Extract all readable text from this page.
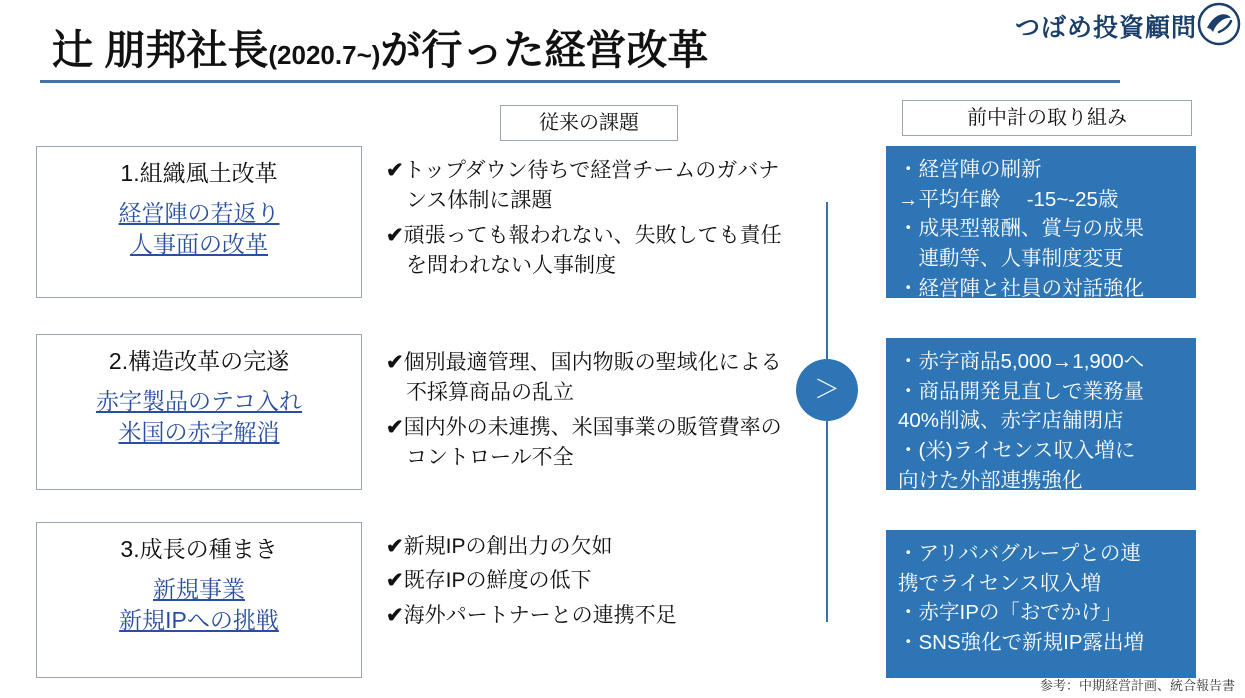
辻 朋邦社長(2020.7~)が行った経営改革	つばめ投資顧問
従来の課題	前中計の取り組み
1.組織風土改革
経営陣の若返り
人事面の改革

✔トップダウン待ちで経営チームのガバナンス体制に課題

✔頑張っても報われない、失敗しても責任を問われない人事制度

・経営陣の刷新

→平均年齢　 -15~-25歳

・成果型報酬、賞与の成果

　連動等、人事制度変更

・経営陣と社員の対話強化

2.構造改革の完遂
赤字製品のテコ入れ
米国の赤字解消

✔個別最適管理、国内物販の聖域化による不採算商品の乱立

✔国内外の未連携、米国事業の販管費率のコントロール不全

・赤字商品5,000→1,900へ

・商品開発見直しで業務量

40%削減、赤字店舗閉店

・(米)ライセンス収入増に

向けた外部連携強化

3.成長の種まき
新規事業
新規IPへの挑戦

✔新規IPの創出力の欠如

✔既存IPの鮮度の低下

✔海外パートナーとの連携不足

・アリババグループとの連

携でライセンス収入増

・赤字IPの「おでかけ」

・SNS強化で新規IP露出増

＞
参考：中期経営計画、統合報告書
